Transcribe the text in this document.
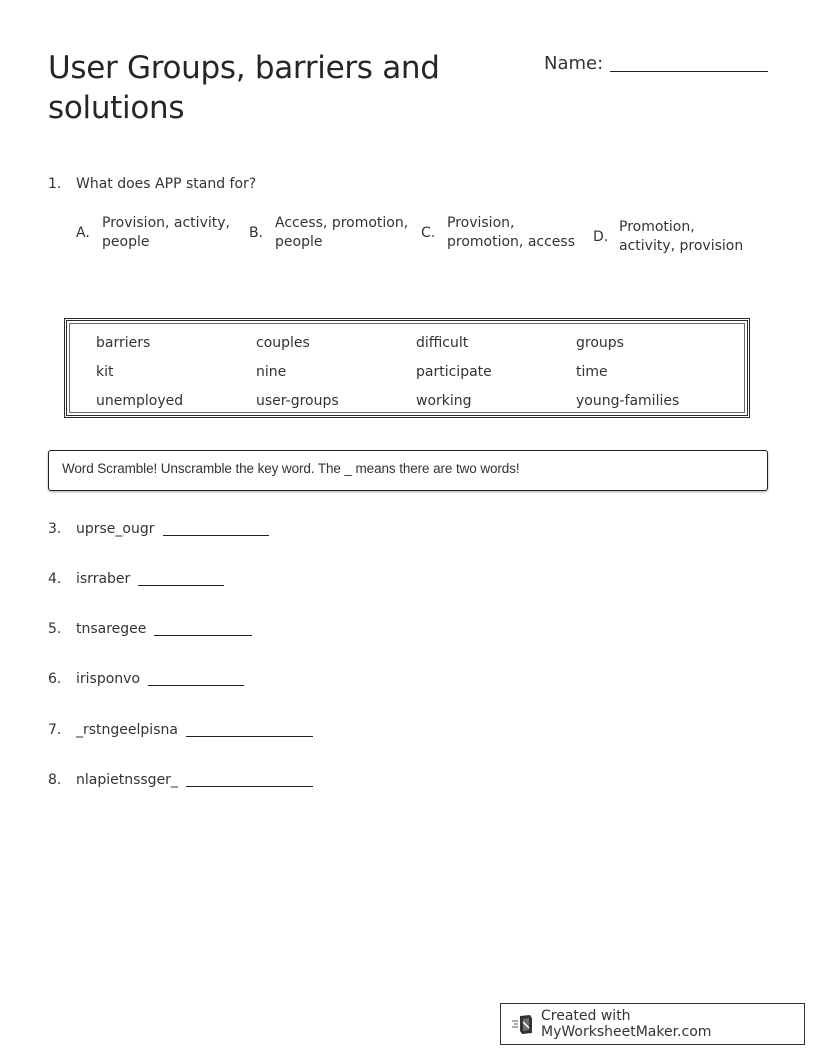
User Groups, barriers and solutions
Name:
1. What does APP stand for?
A.
Provision, activity, people
B.
Access, promotion, people
C.
Provision, promotion, access	D.
Promotion, activity, provision
barriers	couples	difficult	groups
kit	nine	participate	time
unemployed	user-groups	working	young-families
Word Scramble! Unscramble the key word. The _ means there are two words!
3.	uprse_ougr
4.	isrraber
5.	tnsaregee
6.	irisponvo
7.	_rstngeelpisna
8.	nlapietnssger_
Created with MyWorksheetMaker.com
